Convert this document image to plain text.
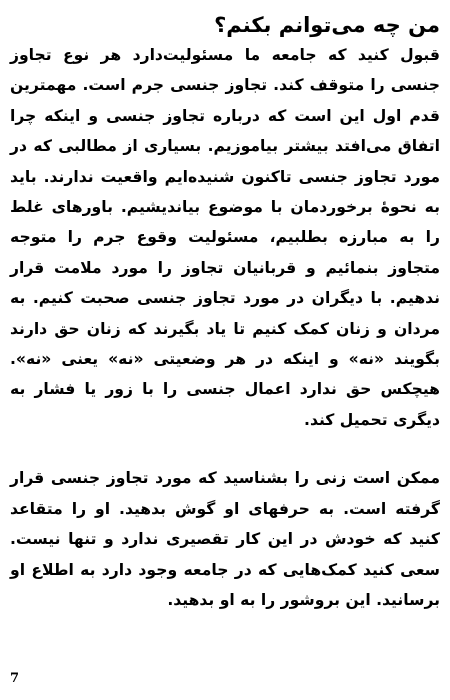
من چه می‌توانم بکنم؟

قبول کنید که جامعه ما مسئولیت‌دارد هر نوع تجاوز جنسی را متوقف کند. تجاوز جنسی جرم است. مهمترین قدم اول این است که درباره تجاوز جنسی و اینکه چرا اتفاق می‌افتد بیشتر بیاموزیم. بسیاری از مطالبی که در مورد تجاوز جنسی تاکنون شنیده‌ایم واقعیت ندارند. باید به نحوهٔ برخوردمان با موضوع بیاندیشیم. باورهای غلط را به مبارزه بطلبیم، مسئولیت وقوع جرم را متوجه متجاوز بنمائیم و قربانیان تجاوز را مورد ملامت قرار ندهیم. با دیگران در مورد تجاوز جنسی صحبت کنیم. به مردان و زنان کمک کنیم تا یاد بگیرند که زنان حق دارند بگویند «نه» و اینکه در هر وضعیتی «نه» یعنی «نه». هیچکس حق ندارد اعمال جنسی را با زور یا فشار به دیگری تحمیل کند.

ممکن است زنی را بشناسید که مورد تجاوز جنسی قرار گرفته است. به حرفهای او گوش بدهید. او را متقاعد کنید که خودش در این کار تقصیری ندارد و تنها نیست. سعی کنید کمک‌هایی که در جامعه وجود دارد به اطلاع او برسانید. این بروشور را به او بدهید.

7
